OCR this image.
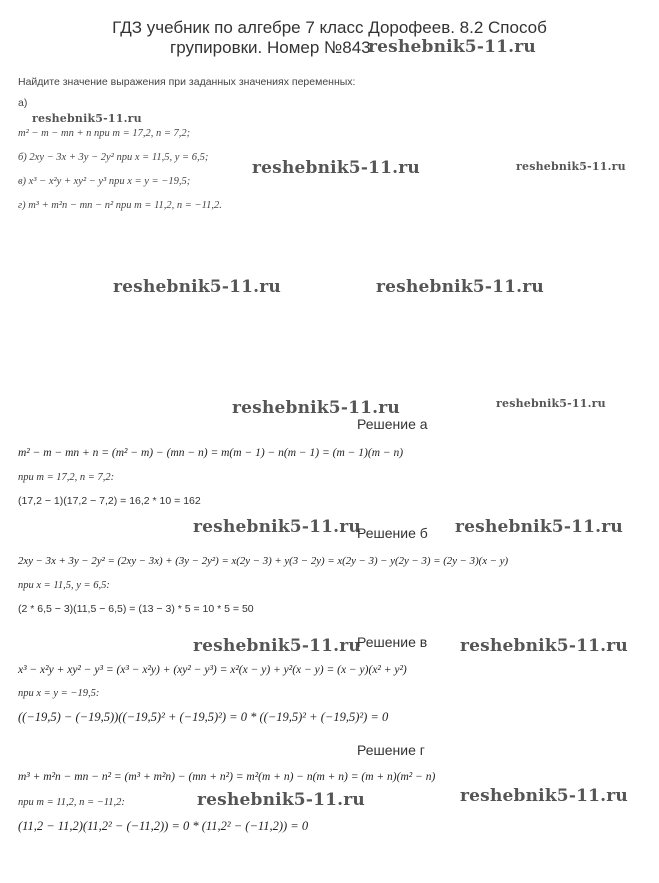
ГДЗ учебник по алгебре 7 класс Дорофеев. 8.2 Способ
групировки. Номер №843
reshebnik5-11.ru
Найдите значение выражения при заданных значениях переменных:
а)
reshebnik5-11.ru
m² − m − mn + n при m = 17,2, n = 7,2;
б) 2xy − 3x + 3y − 2y² при x = 11,5, y = 6,5;
reshebnik5-11.ru	reshebnik5-11.ru
в) x³ − x²y + xy² − y³ при x = y = −19,5;
г) m³ + m²n − mn − n² при m = 11,2, n = −11,2.
reshebnik5-11.ru	reshebnik5-11.ru
reshebnik5-11.ru	reshebnik5-11.ru
Решение а
m² − m − mn + n = (m² − m) − (mn − n) = m(m − 1) − n(m − 1) = (m − 1)(m − n)
при m = 17,2, n = 7,2:
(17,2 − 1)(17,2 − 7,2) = 16,2 * 10 = 162
reshebnik5-11.ru
Решение б reshebnik5-11.ru
2xy − 3x + 3y − 2y² = (2xy − 3x) + (3y − 2y²) = x(2y − 3) + y(3 − 2y) = x(2y − 3) − y(2y − 3) = (2y − 3)(x − y)
при x = 11,5, y = 6,5:
(2 * 6,5 − 3)(11,5 − 6,5) = (13 − 3) * 5 = 10 * 5 = 50
reshebnik5-11.ru
Решение в reshebnik5-11.ru
x³ − x²y + xy² − y³ = (x³ − x²y) + (xy² − y³) = x²(x − y) + y²(x − y) = (x − y)(x² + y²)
при x = y = −19,5:
((−19,5) − (−19,5))((−19,5)² + (−19,5)²) = 0 * ((−19,5)² + (−19,5)²) = 0
Решение г
m³ + m²n − mn − n² = (m³ + m²n) − (mn + n²) = m²(m + n) − n(m + n) = (m + n)(m² − n)
reshebnik5-11.ru	reshebnik5-11.ru
при m = 11,2, n = −11,2:
(11,2 − 11,2)(11,2² − (−11,2)) = 0 * (11,2² − (−11,2)) = 0
